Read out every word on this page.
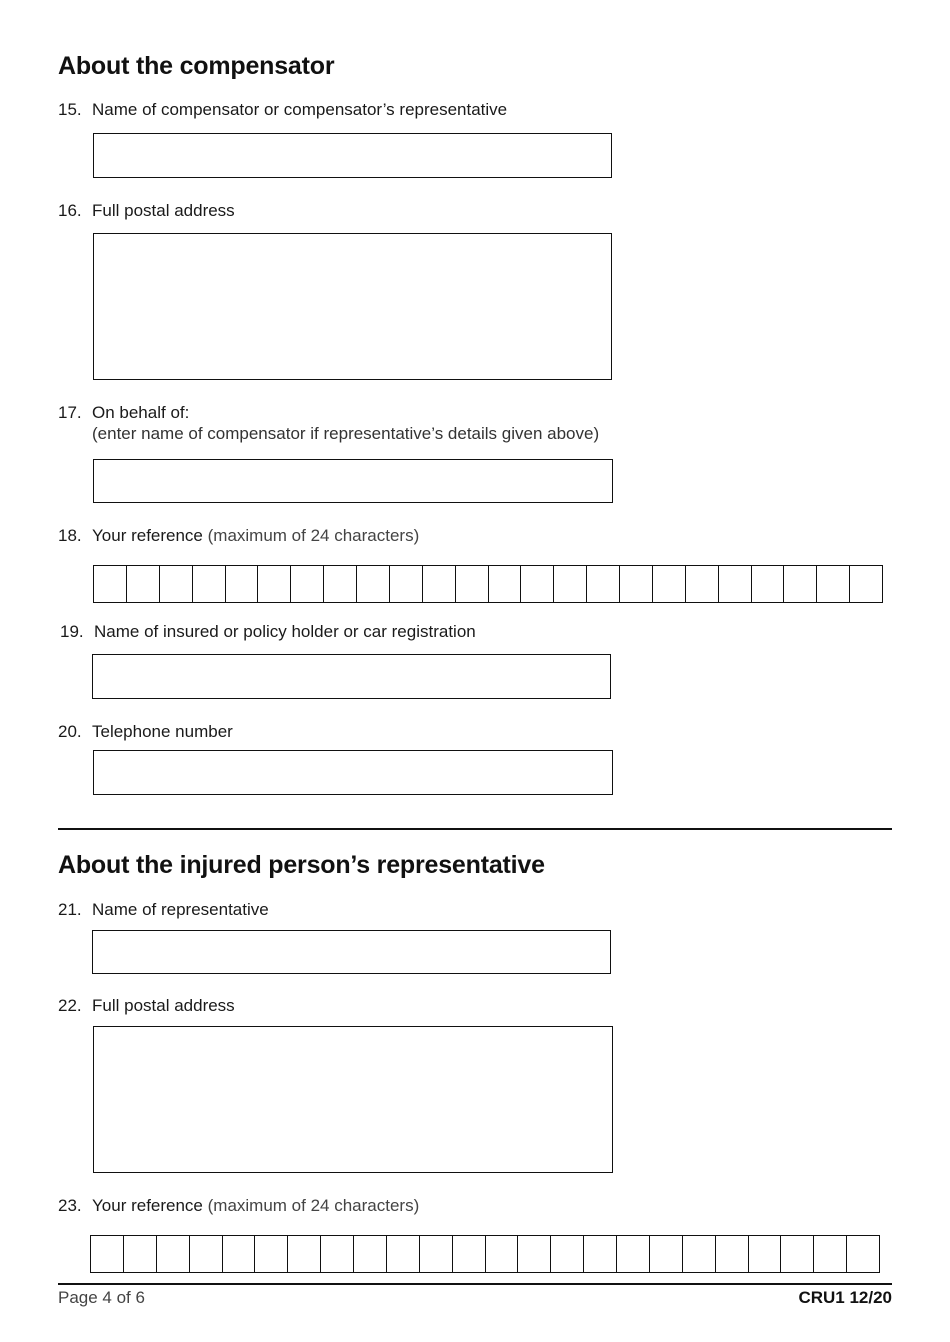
About the compensator
15. Name of compensator or compensator’s representative
16. Full postal address
17. On behalf of:
(enter name of compensator if representative’s details given above)
18. Your reference (maximum of 24 characters)
19. Name of insured or policy holder or car registration
20. Telephone number
About the injured person’s representative
21. Name of representative
22. Full postal address
23. Your reference (maximum of 24 characters)
Page 4 of 6	CRU1 12/20
